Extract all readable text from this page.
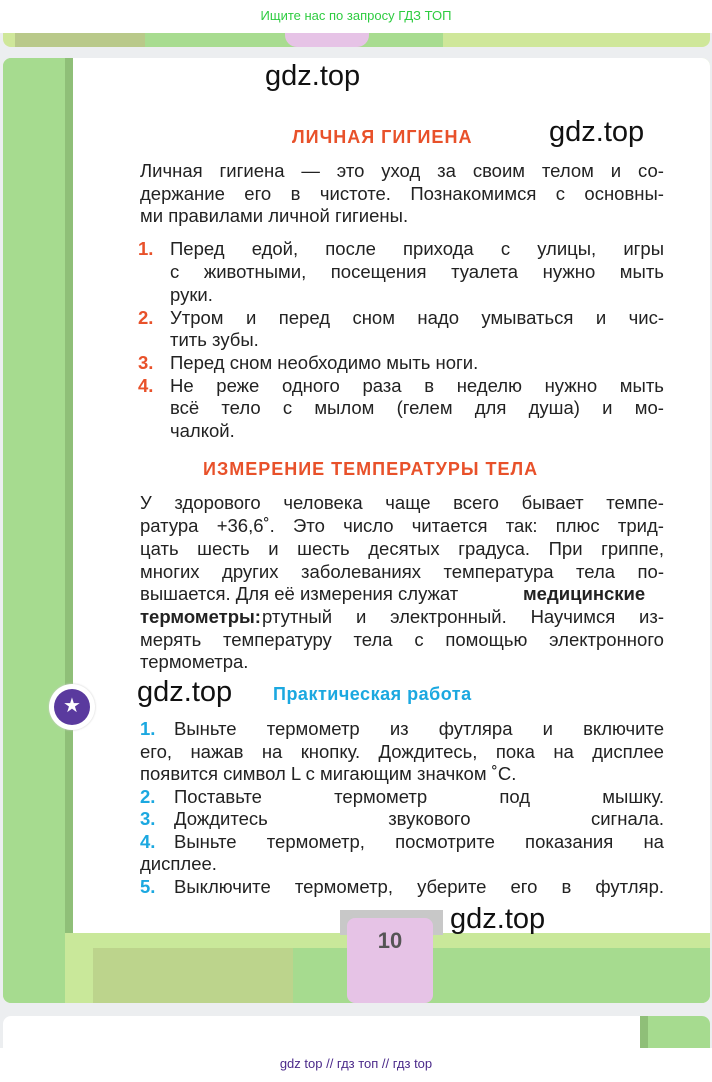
Ищите нас по запросу ГДЗ ТОП
gdz.top
gdz.top
gdz.top
gdz.top
ЛИЧНАЯ ГИГИЕНА
Личная гигиена — это уход за своим телом и со-
держание его в чистоте. Познакомимся с основны-
ми правилами личной гигиены.
1. Перед едой, после прихода с улицы, игры
с животными, посещения туалета нужно мыть
руки.
2. Утром и перед сном надо умываться и чис-
тить зубы.
3. Перед сном необходимо мыть ноги.
4. Не реже одного раза в неделю нужно мыть
всё тело с мылом (гелем для душа) и мо-
чалкой.
ИЗМЕРЕНИЕ ТЕМПЕРАТУРЫ ТЕЛА
У здорового человека чаще всего бывает темпе-
ратура +36,6˚. Это число читается так: плюс трид-
цать шесть и шесть десятых градуса. При гриппе,
многих других заболеваниях температура тела по-
вышается. Для её измерения служат	медицинские
термометры: ртутный и электронный. Научимся из-
мерять температуру тела с помощью электронного
термометра.
Практическая работа
1. Выньте термометр из футляра и включите
его, нажав на кнопку. Дождитесь, пока на дисплее
появится символ L с мигающим значком ˚С.
2. Поставьте	термометр	под	мышку.
3. Дождитесь	звукового	сигнала.
4. Выньте термометр, посмотрите показания на
дисплее.
5. Выключите термометр, уберите его в футляр.
10
★
gdz top // гдз топ // гдз top
